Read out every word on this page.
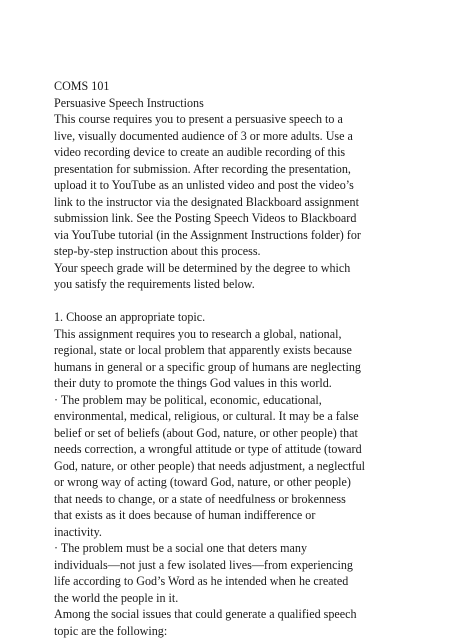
COMS 101
Persuasive Speech Instructions
This course requires you to present a persuasive speech to a
live, visually documented audience of 3 or more adults. Use a
video recording device to create an audible recording of this
presentation for submission. After recording the presentation,
upload it to YouTube as an unlisted video and post the video’s
link to the instructor via the designated Blackboard assignment
submission link. See the Posting Speech Videos to Blackboard
via YouTube tutorial (in the Assignment Instructions folder) for
step-by-step instruction about this process.
Your speech grade will be determined by the degree to which
you satisfy the requirements listed below.
1. Choose an appropriate topic.
This assignment requires you to research a global, national,
regional, state or local problem that apparently exists because
humans in general or a specific group of humans are neglecting
their duty to promote the things God values in this world.
· The problem may be political, economic, educational,
environmental, medical, religious, or cultural. It may be a false
belief or set of beliefs (about God, nature, or other people) that
needs correction, a wrongful attitude or type of attitude (toward
God, nature, or other people) that needs adjustment, a neglectful
or wrong way of acting (toward God, nature, or other people)
that needs to change, or a state of needfulness or brokenness
that exists as it does because of human indifference or
inactivity.
· The problem must be a social one that deters many
individuals—not just a few isolated lives—from experiencing
life according to God’s Word as he intended when he created
the world the people in it.
Among the social issues that could generate a qualified speech
topic are the following:
